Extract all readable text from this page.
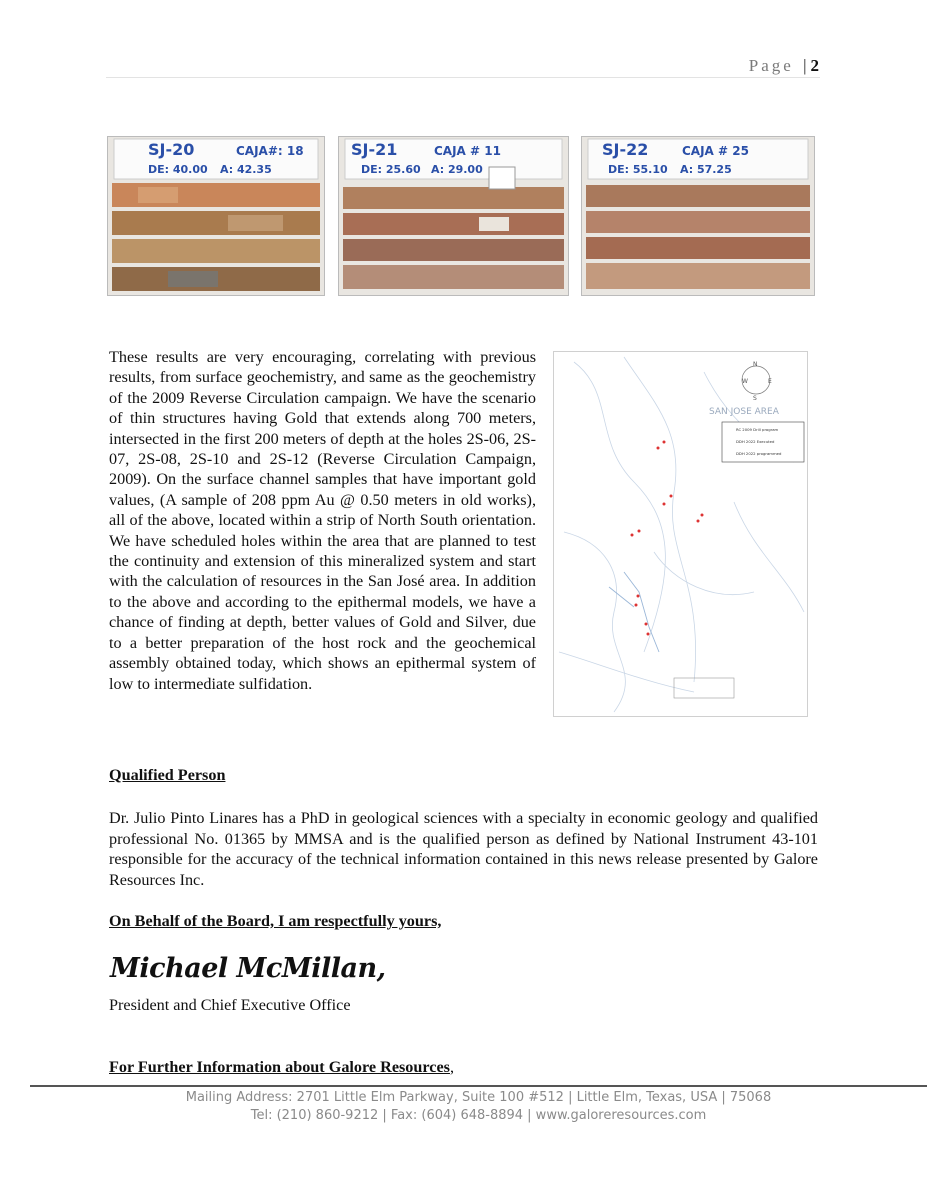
Page | 2
SJ-20	CAJA#: 18
DE: 40.00 A: 42.35
SJ-21	CAJA # 11
DE: 25.60 A: 29.00
SJ-22	CAJA # 25
DE: 55.10 A: 57.25
These results are very encouraging, correlating with previous results, from surface geochemistry, and same as the geochemistry of the 2009 Reverse Circulation campaign. We have the scenario of thin structures having Gold that extends along 700 meters, intersected in the first 200 meters of depth at the holes 2S-06, 2S-07, 2S-08, 2S-10 and 2S-12 (Reverse Circulation Campaign, 2009). On the surface channel samples that have important gold values, (A sample of 208 ppm Au @ 0.50 meters in old works), all of the above, located within a strip of North South orientation. We have scheduled holes within the area that are planned to test the continuity and extension of this mineralized system and start with the calculation of resources in the San José area. In addition to the above and according to the epithermal models, we have a chance of finding at depth, better values of Gold and Silver, due to a better preparation of the host rock and the geochemical assembly obtained today, which shows an epithermal system of low to intermediate sulfidation.
N
S
E
W
SAN JOSE AREA
RC 2009 Drill program
DDH 2022 Executed
DDH 2022 programmed
Qualified Person
Dr. Julio Pinto Linares has a PhD in geological sciences with a specialty in economic geology and qualified professional No. 01365 by MMSA and is the qualified person as defined by National Instrument 43-101 responsible for the accuracy of the technical information contained in this news release presented by Galore Resources Inc.
On Behalf of the Board, I am respectfully yours,
Michael McMillan,
President and Chief Executive Office
For Further Information about Galore Resources,
Mailing Address: 2701 Little Elm Parkway, Suite 100 #512 | Little Elm, Texas, USA | 75068
Tel: (210) 860-9212 | Fax: (604) 648-8894 | www.galoreresources.com
